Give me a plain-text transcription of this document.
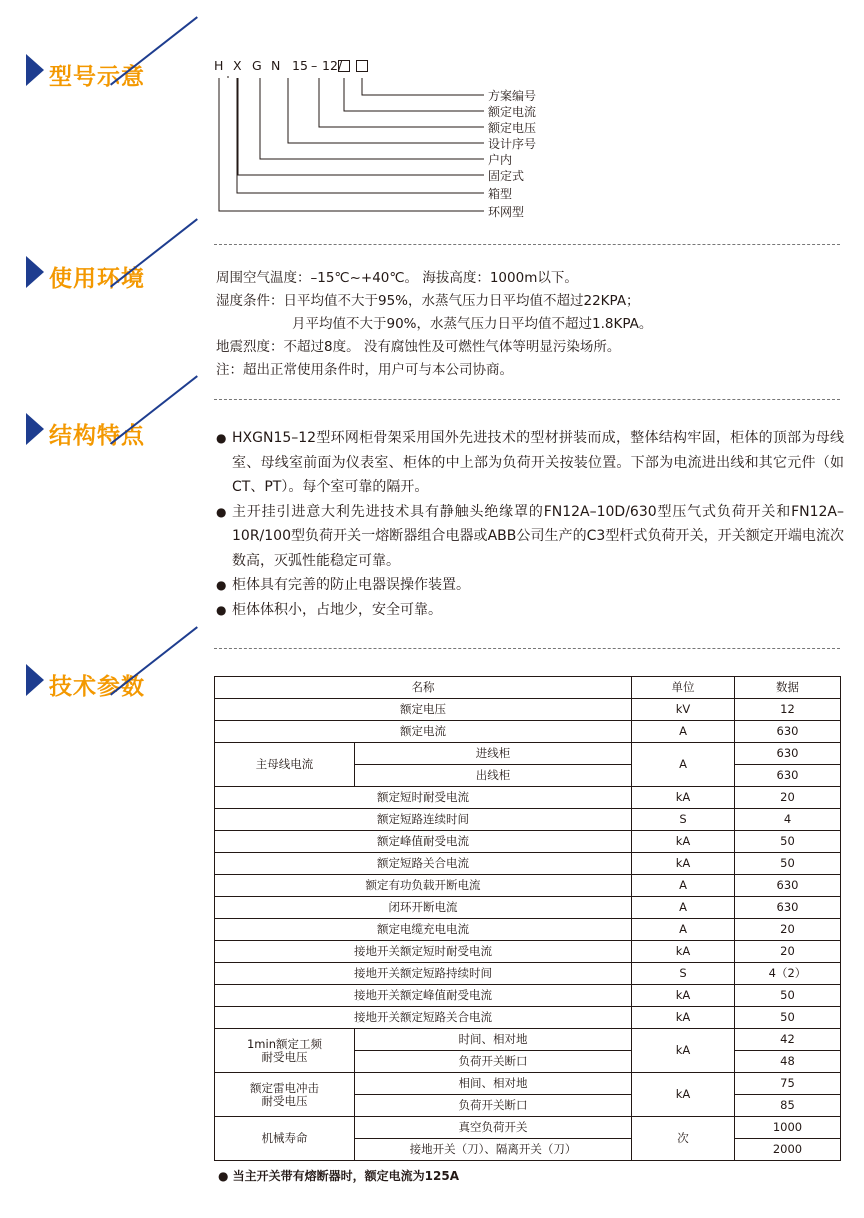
型号示意	H X G N 15 – 12/
方案编号
额定电流
额定电压
设计序号
户内
固定式
箱型
环网型
使用环境	周围空气温度：–15℃~+40℃。 海拔高度：1000m以下。
湿度条件：日平均值不大于95%，水蒸气压力日平均值不超过22KPA；
月平均值不大于90%，水蒸气压力日平均值不超过1.8KPA。
地震烈度：不超过8度。 没有腐蚀性及可燃性气体等明显污染场所。
注：超出正常使用条件时，用户可与本公司协商。
结构特点	● HXGN15–12型环网柜骨架采用国外先进技术的型材拼装而成，整体结构牢固，柜体的顶部为母线室、母线室前面为仪表室、柜体的中上部为负荷开关按装位置。下部为电流进出线和其它元件（如CT、PT）。每个室可靠的隔开。
● 主开挂引进意大利先进技术具有静触头绝缘罩的FN12A–10D/630型压气式负荷开关和FN12A–10R/100型负荷开关一熔断器组合电器或ABB公司生产的C3型杆式负荷开关，开关额定开端电流次数高，灭弧性能稳定可靠。
● 柜体具有完善的防止电器误操作装置。
● 柜体体积小，占地少，安全可靠。
技术参数	名称		单位	数据
额定电压		kV	12
额定电流		A	630
主母线电流	进线柜	A	630
	出线柜		630
额定短时耐受电流		kA	20
额定短路连续时间		S	4
额定峰值耐受电流		kA	50
额定短路关合电流		kA	50
额定有功负载开断电流		A	630
闭环开断电流		A	630
额定电缆充电电流		A	20
接地开关额定短时耐受电流		kA	20
接地开关额定短路持续时间		S	4（2）
接地开关额定峰值耐受电流		kA	50
接地开关额定短路关合电流		kA	50

1min额定工频
耐受电压	时间、相对地	kA	42
	负荷开关断口		48

额定雷电冲击
耐受电压	相间、相对地	kA	75
	负荷开关断口		85
机械寿命	真空负荷开关	次	1000
	接地开关（刀）、隔离开关（刀）		2000
● 当主开关带有熔断器时，额定电流为125A
